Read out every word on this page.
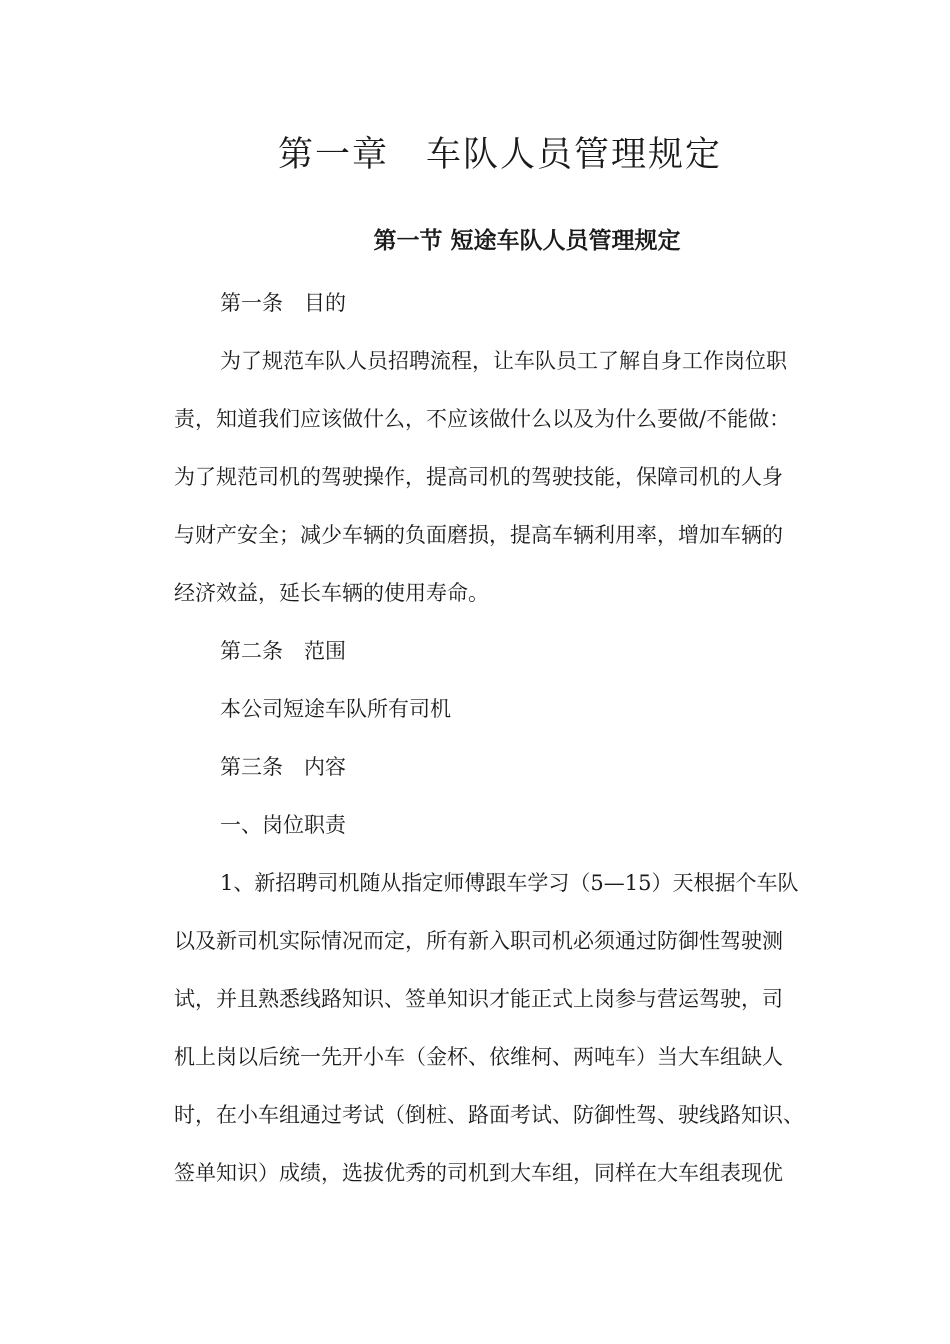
第一章　车队人员管理规定
第一节 短途车队人员管理规定

第一条　目的

为了规范车队人员招聘流程，让车队员工了解自身工作岗位职

责，知道我们应该做什么，不应该做什么以及为什么要做/不能做：

为了规范司机的驾驶操作，提高司机的驾驶技能，保障司机的人身

与财产安全；减少车辆的负面磨损，提高车辆利用率，增加车辆的

经济效益，延长车辆的使用寿命。

第二条　范围

本公司短途车队所有司机

第三条　内容

一、岗位职责

1、新招聘司机随从指定师傅跟车学习（5—15）天根据个车队

以及新司机实际情况而定，所有新入职司机必须通过防御性驾驶测

试，并且熟悉线路知识、签单知识才能正式上岗参与营运驾驶，司

机上岗以后统一先开小车（金杯、依维柯、两吨车）当大车组缺人

时，在小车组通过考试（倒桩、路面考试、防御性驾、驶线路知识、

签单知识）成绩，选拔优秀的司机到大车组，同样在大车组表现优
